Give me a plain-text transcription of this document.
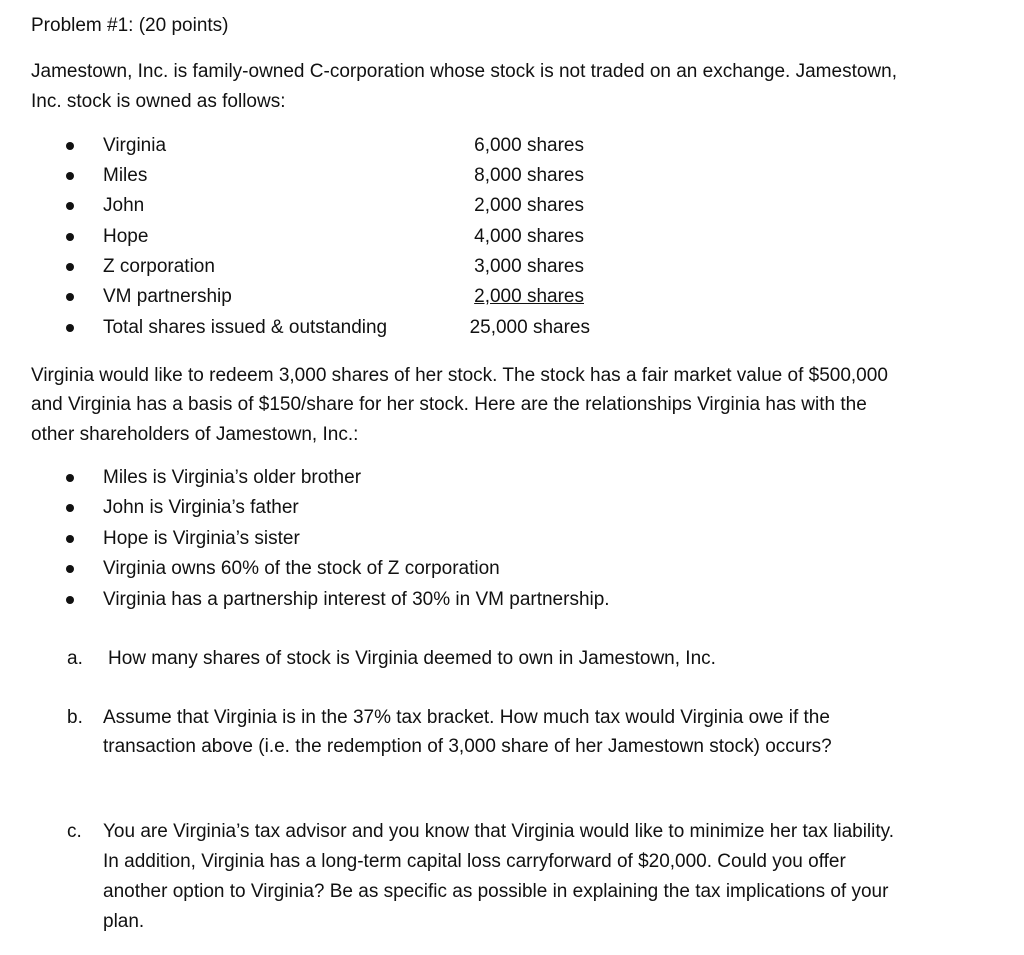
Problem #1: (20 points)
Jamestown, Inc. is family-owned C-corporation whose stock is not traded on an exchange. Jamestown,
Inc. stock is owned as follows:
Virginia	6,000 shares
Miles	8,000 shares
John	2,000 shares
Hope	4,000 shares
Z corporation	3,000 shares
VM partnership	2,000 shares
Total shares issued & outstanding	25,000 shares
Virginia would like to redeem 3,000 shares of her stock. The stock has a fair market value of $500,000
and Virginia has a basis of $150/share for her stock. Here are the relationships Virginia has with the
other shareholders of Jamestown, Inc.:
Miles is Virginia’s older brother
John is Virginia’s father
Hope is Virginia’s sister
Virginia owns 60% of the stock of Z corporation
Virginia has a partnership interest of 30% in VM partnership.
a. How many shares of stock is Virginia deemed to own in Jamestown, Inc.
b. Assume that Virginia is in the 37% tax bracket. How much tax would Virginia owe if the
transaction above (i.e. the redemption of 3,000 share of her Jamestown stock) occurs?
c. You are Virginia’s tax advisor and you know that Virginia would like to minimize her tax liability.
In addition, Virginia has a long-term capital loss carryforward of $20,000. Could you offer
another option to Virginia? Be as specific as possible in explaining the tax implications of your
plan.
